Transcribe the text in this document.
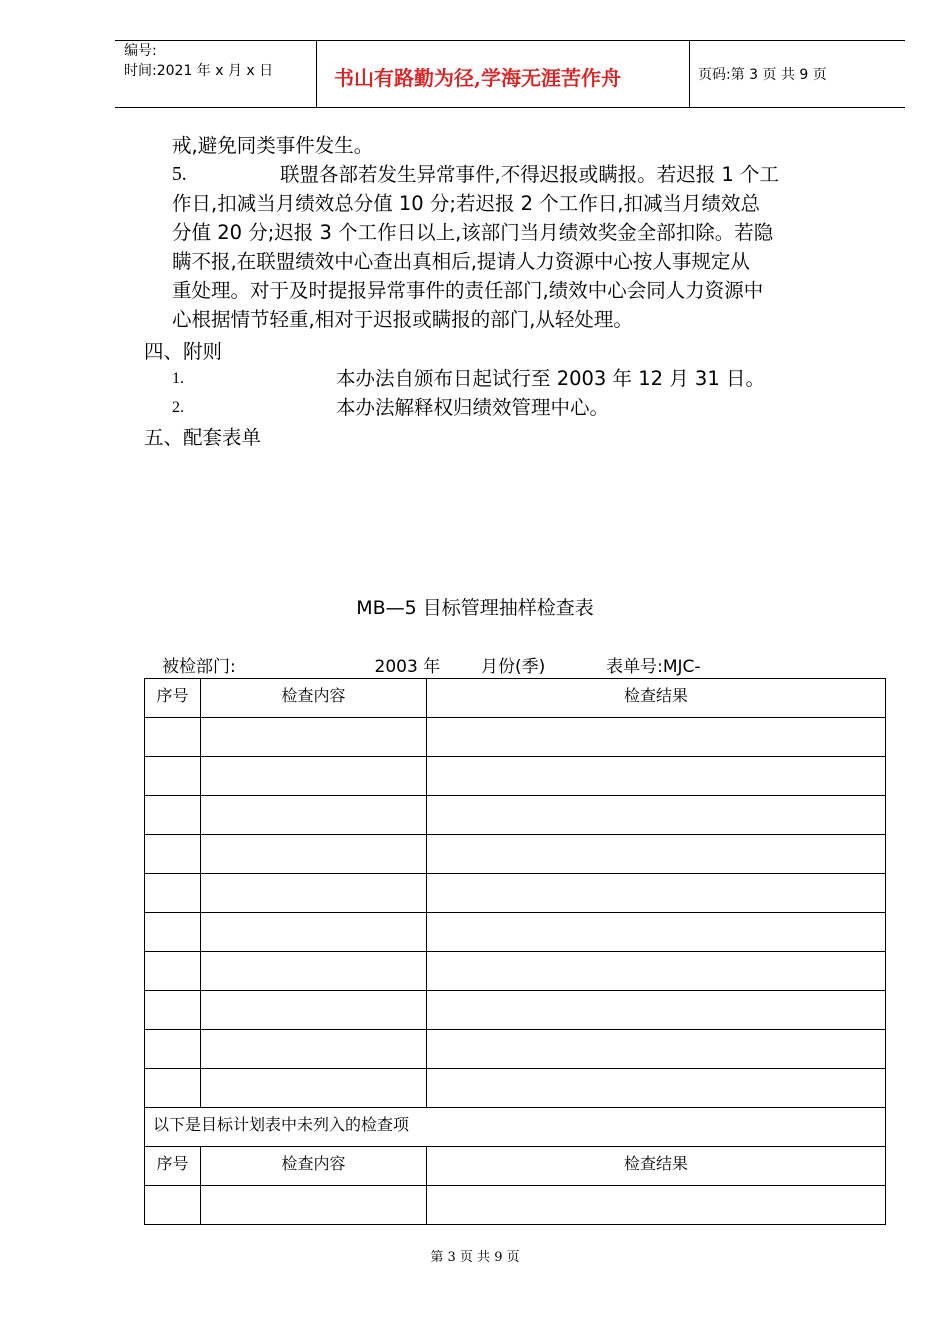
编号:
时间:2021 年 x 月 x 日	书山有路勤为径,学海无涯苦作舟	页码:第 3 页 共 9 页
戒,避免同类事件发生。
5.	联盟各部若发生异常事件,不得迟报或瞒报。若迟报 1 个工
作日,扣减当月绩效总分值 10 分;若迟报 2 个工作日,扣减当月绩效总
分值 20 分;迟报 3 个工作日以上,该部门当月绩效奖金全部扣除。若隐
瞒不报,在联盟绩效中心查出真相后,提请人力资源中心按人事规定从
重处理。对于及时提报异常事件的责任部门,绩效中心会同人力资源中
心根据情节轻重,相对于迟报或瞒报的部门,从轻处理。
四、附则
1.	本办法自颁布日起试行至 2003 年 12 月 31 日。
2.	本办法解释权归绩效管理中心。
五、配套表单
MB—5 目标管理抽样检查表
被检部门:	2003 年 月份(季)	表单号:MJC-
序号	检查内容	检查结果

以下是目标计划表中未列入的检查项		

序号	检查内容	检查结果

第 3 页 共 9 页
